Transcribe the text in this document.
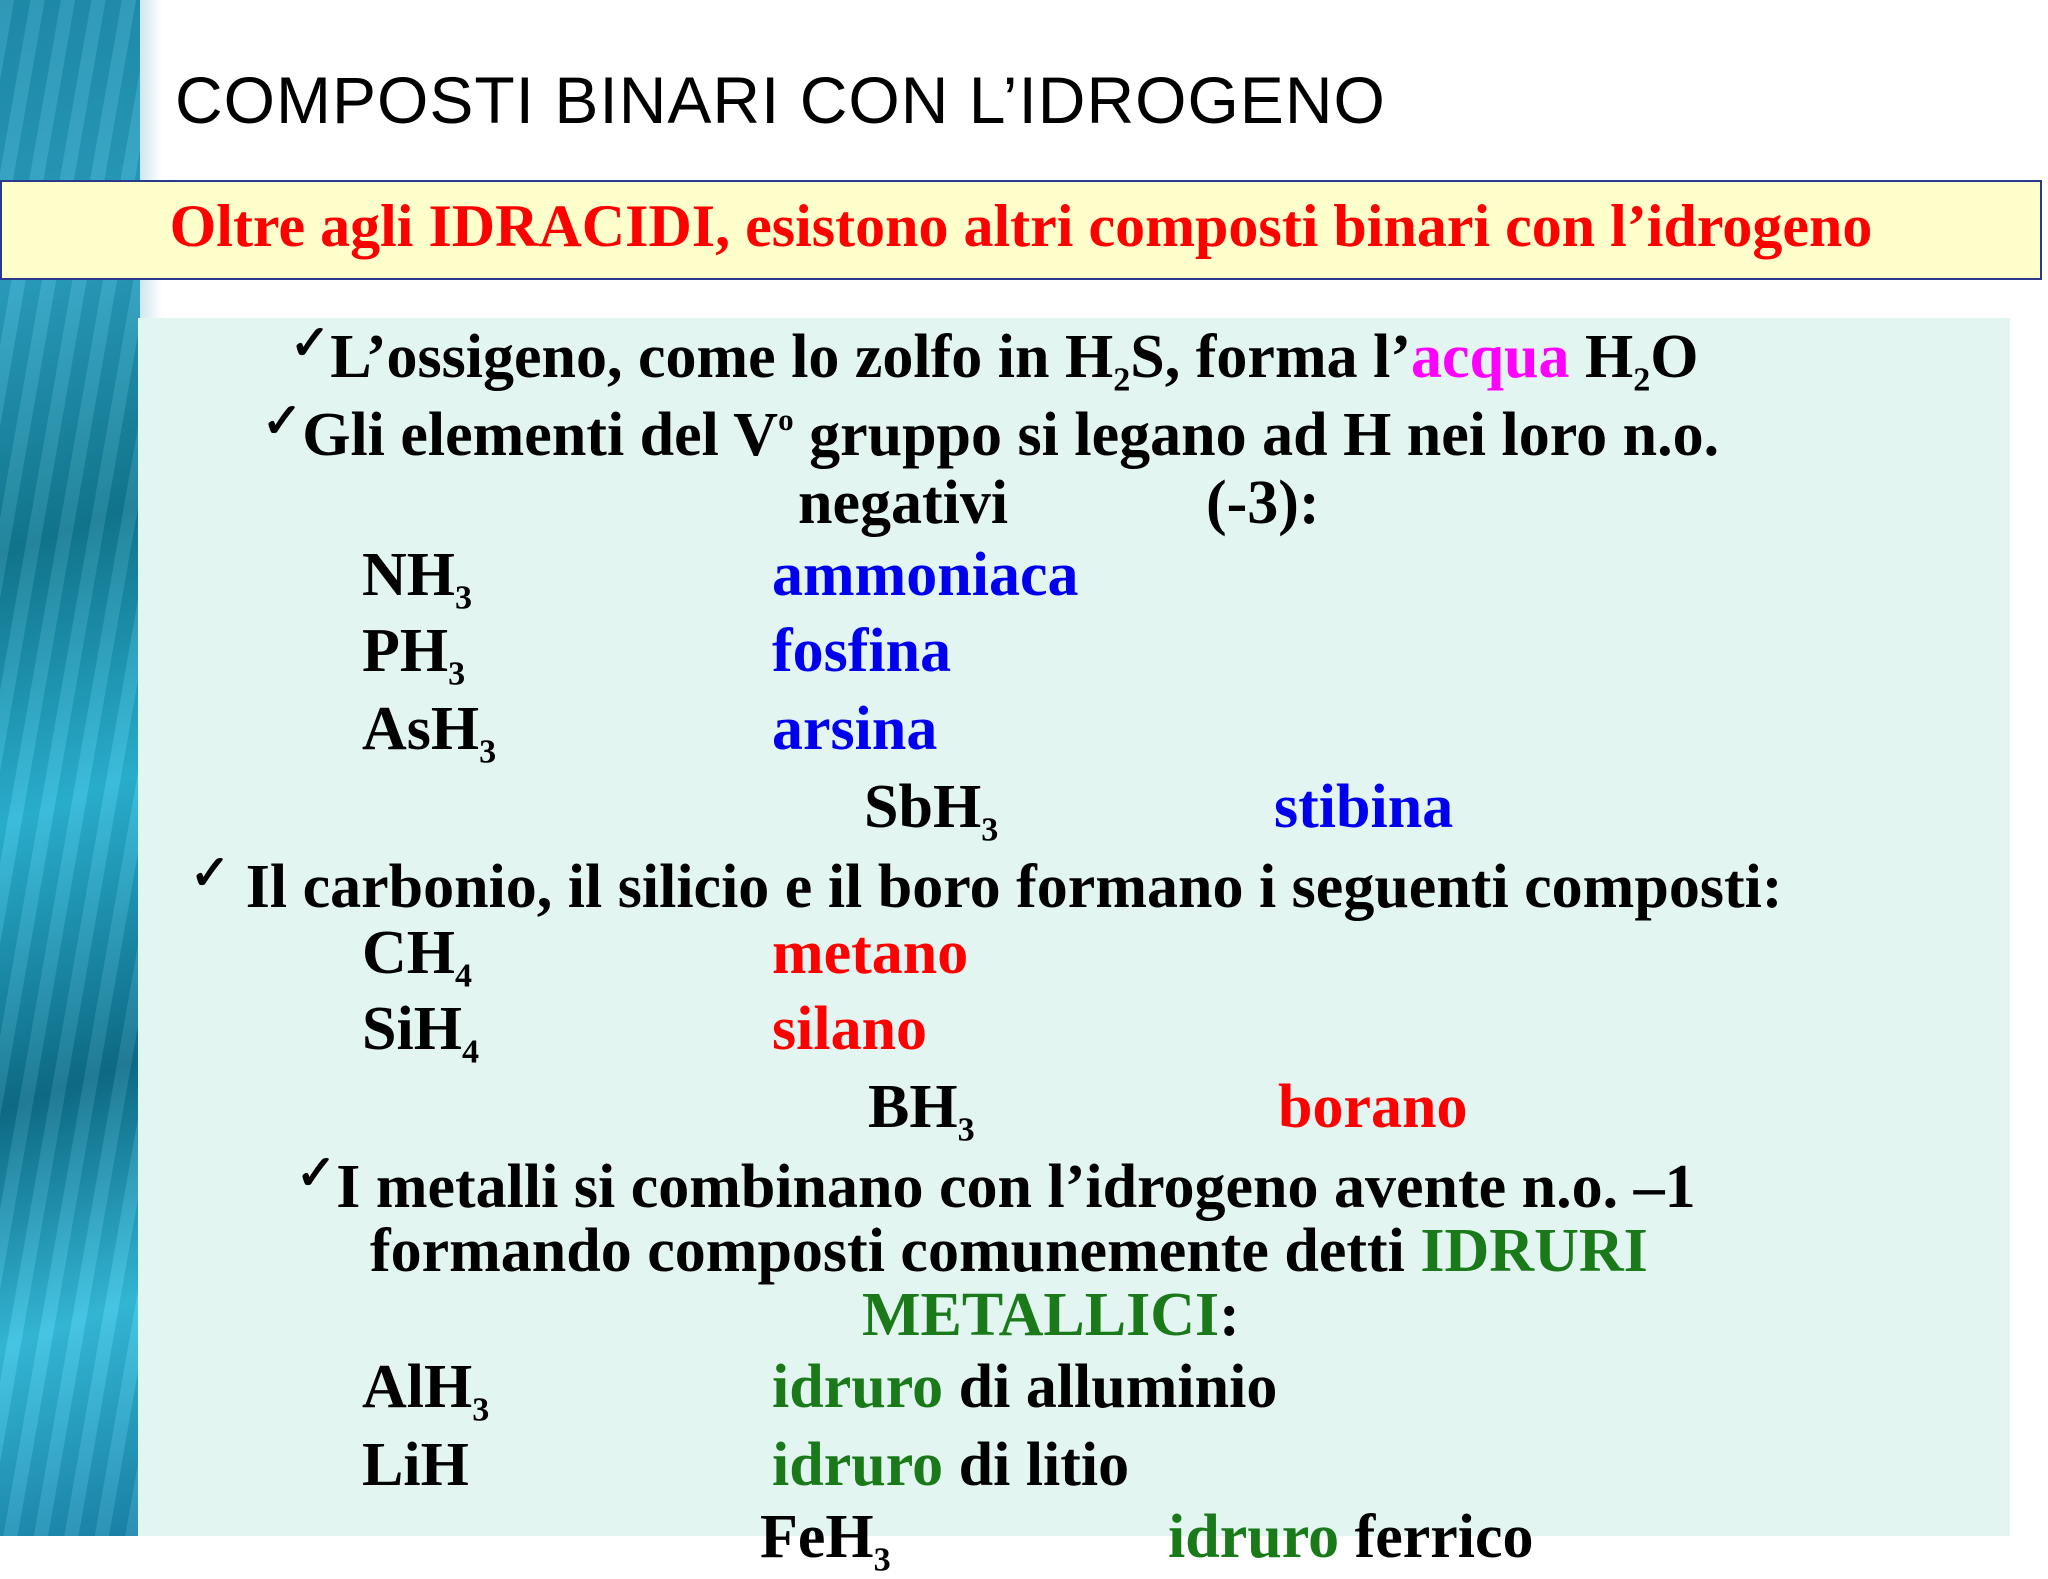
COMPOSTI BINARI CON L’IDROGENO
Oltre agli IDRACIDI, esistono altri composti binari con l’idrogeno
✓L’ossigeno, come lo zolfo in $H_2S$, forma l’acqua $H_2O$
✓Gli elementi del $V^o$ gruppo si legano ad H nei loro n.o.
negativi	(-3):
$NH_3$	ammoniaca
$PH_3$	fosfina
AsH$_3$	arsina
SbH$_3$	stibina
✓ Il carbonio, il silicio e il boro formano i seguenti composti:
$CH_4$	metano
SiH$_4$	silano
$BH_3$	borano
✓I metalli si combinano con l’idrogeno avente n.o. –1
formando composti comunemente detti IDRURI
METALLICI:
AlH$_3$	idruro di alluminio
LiH	idruro di litio
FeH$_3$	idruro ferrico
